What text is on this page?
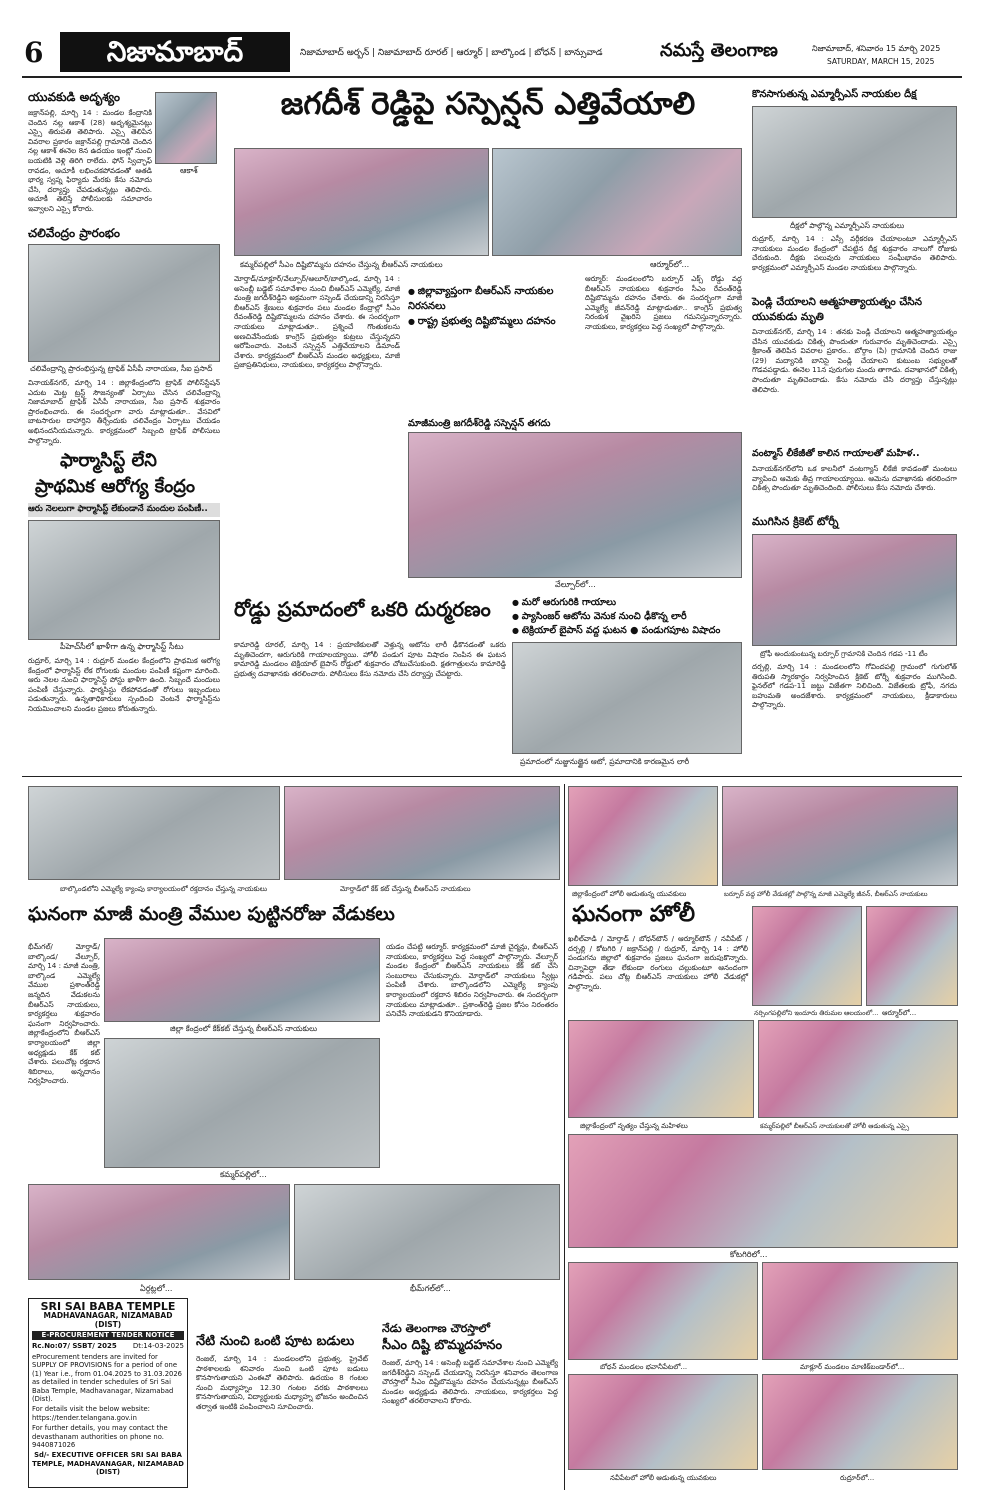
6	నిజామాబాద్	నిజామాబాద్ అర్బన్ | నిజామాబాద్ రూరల్ | ఆర్మూర్ | బాల్కొండ | బోధన్ | బాన్సువాడ	నమస్తే తెలంగాణ	నిజామాబాద్, శనివారం 15 మార్చి 2025
SATURDAY, MARCH 15, 2025
యువకుడి అదృశ్యం
ఆకాశ్
జక్రాన్‌పల్లి, మార్చి 14 : మండల కేంద్రానికి చెందిన నల్ల ఆకాశ్ (28) అదృశ్యమైనట్లు ఎస్సై తిరుపతి తెలిపారు. ఎస్సై తెలిపిన వివరాల ప్రకారం జక్రాన్‌పల్లి గ్రామానికి చెందిన నల్ల ఆకాశ్ ఈనెల 8న ఉదయం ఇంట్లో నుంచి బయటికి వెళ్లి తిరిగి రాలేదు. ఫోన్ స్విచ్ఛాఫ్ రావడం, ఆచూకీ లభించకపోవడంతో ఆతడి భార్య స్వప్న ఫిర్యాదు మేరకు కేసు నమోదు చేసి, దర్యాప్తు చేపడుతున్నట్లు తెలిపారు. ఆచూకీ తెలిస్తే పోలీసులకు సమాచారం ఇవ్వాలని ఎస్సై కోరారు.
చలివేంద్రం ప్రారంభం
చలివేంద్రాన్ని ప్రారంభిస్తున్న ట్రాఫిక్ ఏసీపీ నారాయణ, సీఐ ప్రసాద్
వినాయక్‌నగర్, మార్చి 14 : జిల్లాకేంద్రంలోని ట్రాఫిక్ పోలీస్‌స్టేషన్ ఎదుట మెట్ట ట్రస్ట్ సౌజన్యంతో ఏర్పాటు చేసిన చలివేంద్రాన్ని నిజామాబాద్ ట్రాఫిక్ ఏసీపీ నారాయణ, సీఐ ప్రసాద్ శుక్రవారం ప్రారంభించారు. ఈ సందర్భంగా వారు మాట్లాడుతూ.. వేసవిలో బాటసారుల దాహార్తిని తీర్చేందుకు చలివేంద్రం ఏర్పాటు చేయడం అభినందనీయమన్నారు. కార్యక్రమంలో సిబ్బంది ట్రాఫిక్ పోలీసులు పాల్గొన్నారు.
ఫార్మాసిస్ట్ లేని
ప్రాథమిక ఆరోగ్య కేంద్రం
ఆరు నెలలుగా ఫార్మాసిస్ట్ లేకుండానే మందుల పంపిణీ..
పీహెచ్‌సీలో ఖాళీగా ఉన్న ఫార్మాసిస్ట్ సీటు
రుద్రూర్, మార్చి 14 : రుద్రూర్ మండల కేంద్రంలోని ప్రాథమిక ఆరోగ్య కేంద్రంలో ఫార్మాసిస్ట్ లేక రోగులకు మందుల పంపిణీ కష్టంగా మారింది. ఆరు నెలల నుంచి ఫార్మాసిస్ట్ పోస్టు ఖాళీగా ఉంది. సిబ్బందే మందులు పంపిణీ చేస్తున్నారు. ఫార్మసిస్టు లేకపోవడంతో రోగులు ఇబ్బందులు పడుతున్నారు. ఉన్నతాధికారులు స్పందించి వెంటనే ఫార్మాసిస్ట్‌ను నియమించాలని మండల ప్రజలు కోరుతున్నారు.
జగదీశ్ రెడ్డిపై సస్పెన్షన్ ఎత్తివేయాలి
కమ్మర్‌పల్లిలో సీఎం దిష్టిబొమ్మను దహనం చేస్తున్న బీఆర్‌ఎస్ నాయకులు	ఆర్మూర్‌లో...
మోర్తాడ్/మాక్లూర్/వేల్పూర్/ఆలూర్/బాల్కొండ, మార్చి 14 : అసెంబ్లీ బడ్జెట్ సమావేశాల నుంచి బీఆర్‌ఎస్ ఎమ్మెల్యే, మాజీ మంత్రి జగదీశ్‌రెడ్డిని అక్రమంగా సస్పెండ్ చేయడాన్ని నిరసిస్తూ బీఆర్‌ఎస్ శ్రేణులు శుక్రవారం పలు మండల కేంద్రాల్లో సీఎం రేవంత్‌రెడ్డి దిష్టిబొమ్మలను దహనం చేశారు. ఈ సందర్భంగా నాయకులు మాట్లాడుతూ.. ప్రశ్నించే గొంతుకలను అణచివేసేందుకు కాంగ్రెస్ ప్రభుత్వం కుట్రలు చేస్తున్నదని ఆరోపించారు. వెంటనే సస్పెన్షన్ ఎత్తివేయాలని డిమాండ్ చేశారు. కార్యక్రమంలో బీఆర్‌ఎస్ మండల అధ్యక్షులు, మాజీ ప్రజాప్రతినిధులు, నాయకులు, కార్యకర్తలు పాల్గొన్నారు.
● జిల్లావ్యాప్తంగా బీఆర్‌ఎస్ నాయకుల నిరసనలు
● రాష్ట్ర ప్రభుత్వ దిష్టిబొమ్మలు దహనం
ఆర్మూర్: మండలంలోని బర్పూర్ ఎక్స్ రోడ్డు వద్ద బీఆర్‌ఎస్ నాయకులు శుక్రవారం సీఎం రేవంత్‌రెడ్డి దిష్టిబొమ్మను దహనం చేశారు. ఈ సందర్భంగా మాజీ ఎమ్మెల్యే జీవన్‌రెడ్డి మాట్లాడుతూ.. కాంగ్రెస్ ప్రభుత్వ నిరంకుశ వైఖరిని ప్రజలు గమనిస్తున్నారన్నారు. నాయకులు, కార్యకర్తలు పెద్ద సంఖ్యలో పాల్గొన్నారు.
మాజీమంత్రి జగదీశ్‌రెడ్డి సస్పెన్షన్ తగదు
వేల్పూర్‌లో...
రోడ్డు ప్రమాదంలో ఒకరి దుర్మరణం
●	మరో ఆరుగురికి గాయాలు
● ప్యాసింజర్ ఆటోను వెనుక నుంచి ఢీకొన్న లారీ
● టెక్రియాల్ బైపాస్ వద్ద ఘటన ● పండుగపూట విషాదం
కామారెడ్డి రూరల్, మార్చి 14 : ప్రయాణికులతో వెళ్తున్న ఆటోను లారీ ఢీకొనడంతో ఒకరు మృతిచెందగా, ఆరుగురికి గాయాలయ్యాయి. హోలీ పండుగ పూట విషాదం నింపిన ఈ ఘటన కామారెడ్డి మండలం టెక్రియాల్ బైపాస్ రోడ్డులో శుక్రవారం చోటుచేసుకుంది. క్షతగాత్రులను కామారెడ్డి ప్రభుత్వ దవాఖానకు తరలించారు. పోలీసులు కేసు నమోదు చేసి దర్యాప్తు చేపట్టారు.
ప్రమాదంలో నుజ్జునుజ్జైన ఆటో, ప్రమాదానికి కారణమైన లారీ
కొనసాగుతున్న ఎమ్మార్పీఎస్ నాయకుల దీక్ష
దీక్షలో పాల్గొన్న ఎమ్మార్పీఎస్ నాయకులు
రుద్రూర్, మార్చి 14 : ఎస్సీ వర్గీకరణ చేయాలంటూ ఎమ్మార్పీఎస్ నాయకులు మండల కేంద్రంలో చేపట్టిన దీక్ష శుక్రవారం నాలుగో రోజుకు చేరుకుంది. దీక్షకు పలువురు నాయకులు సంఘీభావం తెలిపారు. కార్యక్రమంలో ఎమ్మార్పీఎస్ మండల నాయకులు పాల్గొన్నారు.
పెండ్లి చేయాలని ఆత్మహత్యాయత్నం చేసిన
యువకుడు మృతి
వినాయక్‌నగర్, మార్చి 14 : తనకు పెండ్లి చేయాలని ఆత్మహత్యాయత్నం చేసిన యువకుడు చికిత్స పొందుతూ గురువారం మృతిచెందాడు. ఎస్సై శ్రీకాంత్ తెలిపిన వివరాల ప్రకారం.. బోర్గాం (పి) గ్రామానికి చెందిన రాజు (29) మద్యానికి బానిసై పెండ్లి చేయాలని కుటుంబ సభ్యులతో గొడవపడ్డాడు. ఈనెల 11న పురుగుల మందు తాగాడు. దవాఖానలో చికిత్స పొందుతూ మృతిచెందాడు. కేసు నమోదు చేసి దర్యాప్తు చేస్తున్నట్లు తెలిపారు.
వంట్మాస్ లీకేజీతో కాలిన గాయాలతో మహిళ..
వినాయక్‌నగర్‌లోని ఒక కాలనీలో వంటగ్యాస్ లీకేజీ కావడంతో మంటలు వ్యాపించి ఆమెకు తీవ్ర గాయాలయ్యాయి. ఆమెను దవాఖానకు తరలించగా చికిత్స పొందుతూ మృతిచెందింది. పోలీసులు కేసు నమోదు చేశారు.
ముగిసిన క్రికెట్ టోర్నీ
ట్రోఫీ అందుకుంటున్న బర్పూర్ గ్రామానికి చెందిన గడప -11 టీం
దర్పల్లి, మార్చి 14 : మండలంలోని గోవిందపల్లి గ్రామంలో గుగులోత్ తిరుపతి స్మారకార్థం నిర్వహించిన క్రికెట్ టోర్నీ శుక్రవారం ముగిసింది. ఫైనల్‌లో గడప-11 జట్టు విజేతగా నిలిచింది. విజేతలకు ట్రోఫీ, నగదు బహుమతి అందజేశారు. కార్యక్రమంలో నాయకులు, క్రీడాకారులు పాల్గొన్నారు.
బాల్కొండలోని ఎమ్మెల్యే క్యాంపు కార్యాలయంలో రక్తదానం చేస్తున్న నాయకులు	మోర్తాడ్‌లో కేక్ కట్ చేస్తున్న బీఆర్‌ఎస్ నాయకులు
ఘనంగా మాజీ మంత్రి వేముల పుట్టినరోజు వేడుకలు
భీమ్‌గల్/ మోర్తాడ్/ బాల్కొండ/ వేల్పూర్, మార్చి 14 : మాజీ మంత్రి, బాల్కొండ ఎమ్మెల్యే వేముల ప్రశాంత్‌రెడ్డి జన్మదిన వేడుకలను బీఆర్‌ఎస్ నాయకులు, కార్యకర్తలు శుక్రవారం ఘనంగా నిర్వహించారు. జిల్లాకేంద్రంలోని బీఆర్‌ఎస్ కార్యాలయంలో జిల్లా అధ్యక్షుడు కేక్ కట్ చేశారు. పలుచోట్ల రక్తదాన శిబిరాలు, అన్నదానం నిర్వహించారు.
జిల్లా కేంద్రంలో కేక్‌కట్ చేస్తున్న బీఆర్‌ఎస్ నాయకులు
కమ్మర్‌పల్లిలో...
యడం చేపట్టి ఆర్మూర్. కార్యక్రమంలో మాజీ చైర్మన్లు, బీఆర్‌ఎస్ నాయకులు, కార్యకర్తలు పెద్ద సంఖ్యలో పాల్గొన్నారు. వేల్పూర్ మండల కేంద్రంలో బీఆర్‌ఎస్ నాయకులు కేక్ కట్ చేసి సంబురాలు చేసుకున్నారు. మోర్తాడ్‌లో నాయకులు స్వీట్లు పంపిణీ చేశారు. బాల్కొండలోని ఎమ్మెల్యే క్యాంపు కార్యాలయంలో రక్తదాన శిబిరం నిర్వహించారు. ఈ సందర్భంగా నాయకులు మాట్లాడుతూ.. ప్రశాంత్‌రెడ్డి ప్రజల కోసం నిరంతరం పనిచేసే నాయకుడని కొనియాడారు.
ఏర్గట్లలో...	భీమ్‌గల్‌లో...
జిల్లాకేంద్రంలో హోలీ ఆడుతున్న యువకులు	బర్పూర్ వద్ద హోలీ వేడుకల్లో పాల్గొన్న మాజీ ఎమ్మెల్యే జీవన్, బీఆర్‌ఎస్ నాయకులు
ఘనంగా హోలీ
ఖలీల్‌వాడి / మోర్తాడ్ / బోధన్‌టౌన్ / ఆర్మూర్‌టౌన్ / నవీపేట్ / దర్పల్లి / కోటగిరి / జక్రాన్‌పల్లి / రుద్రూర్, మార్చి 14 : హోలీ పండుగను జిల్లాలో శుక్రవారం ప్రజలు ఘనంగా జరుపుకొన్నారు. చిన్నాపెద్దా తేడా లేకుండా రంగులు చల్లుకుంటూ ఆనందంగా గడిపారు. పలు చోట్ల బీఆర్‌ఎస్ నాయకులు హోలీ వేడుకల్లో పాల్గొన్నారు.
నర్సింగపల్లిలోని ఇందూరు తిరుమల ఆలయంలో... ఆర్మూర్‌లో...
జిల్లాకేంద్రంలో నృత్యం చేస్తున్న మహిళలు	కమ్మర్‌పల్లిలో బీఆర్‌ఎస్ నాయకులతో హోలీ ఆడుతున్న ఎస్సై
కోటగిరిలో...
బోధన్ మండలం భవానీపేటలో...	మాక్లూర్ మండలం మాణిక్‌బండార్‌లో...
నవీపేటలో హోలీ ఆడుతున్న యువకులు	రుద్రూర్‌లో...
SRI SAI BABA TEMPLE
MADHAVANAGAR, NIZAMABAD (DIST)
E-PROCUREMENT TENDER NOTICE
Rc.No:07/ SSBT/ 2025 Dt:14-03-2025
eProcurement tenders are invited for SUPPLY OF PROVISIONS for a period of one (1) Year i.e., from 01.04.2025 to 31.03.2026 as detailed in tender schedules of Sri Sai Baba Temple, Madhavanagar, Nizamabad (Dist).
For details visit the below website: https://tender.telangana.gov.in
For further details, you may contact the devasthanam authorities on phone no. 9440871026
Sd/- EXECUTIVE OFFICER SRI SAI BABA TEMPLE, MADHAVANAGAR, NIZAMABAD (DIST)
నేటి నుంచి ఒంటి పూట బడులు
రెంజల్, మార్చి 14 : మండలంలోని ప్రభుత్వ, ప్రైవేట్ పాఠశాలలకు శనివారం నుంచి ఒంటి పూట బడులు కొనసాగుతాయని ఎంఈవో తెలిపారు. ఉదయం 8 గంటల నుంచి మధ్యాహ్నం 12.30 గంటల వరకు పాఠశాలలు కొనసాగుతాయని, విద్యార్థులకు మధ్యాహ్న భోజనం అందించిన తర్వాత ఇంటికి పంపించాలని సూచించారు.
నేడు తెలంగాణ చౌరస్తాలో
సీఎం దిష్టి బొమ్మదహనం
రెంజల్, మార్చి 14 : అసెంబ్లీ బడ్జెట్ సమావేశాల నుంచి ఎమ్మెల్యే జగదీశ్‌రెడ్డిని సస్పెండ్ చేయడాన్ని నిరసిస్తూ శనివారం తెలంగాణ చౌరస్తాలో సీఎం దిష్టిబొమ్మను దహనం చేయనున్నట్లు బీఆర్‌ఎస్ మండల అధ్యక్షుడు తెలిపారు. నాయకులు, కార్యకర్తలు పెద్ద సంఖ్యలో తరలిరావాలని కోరారు.
